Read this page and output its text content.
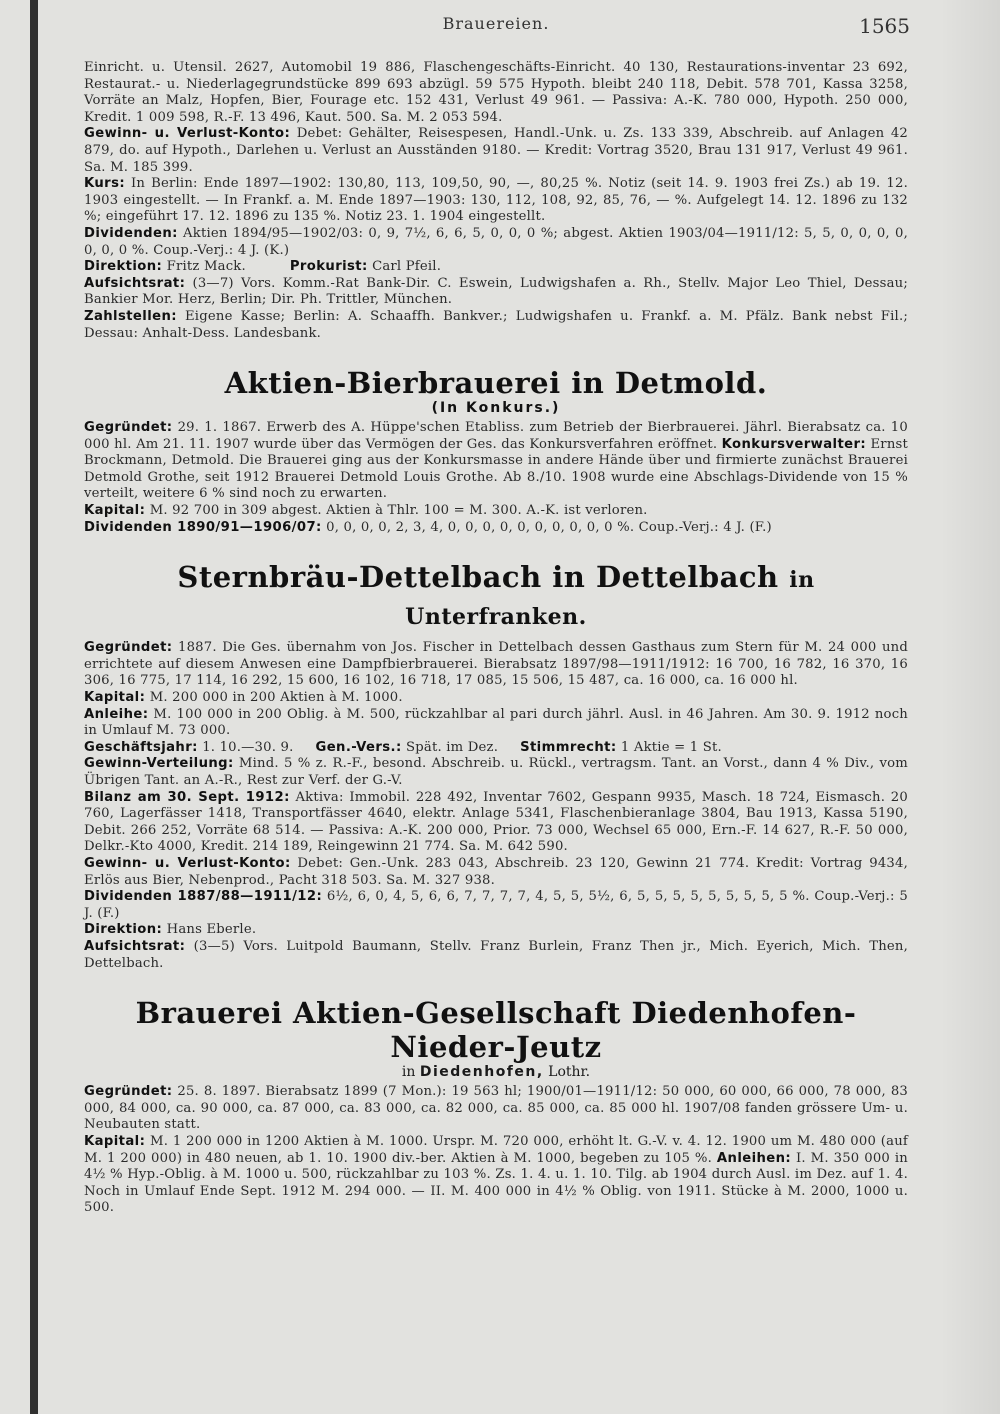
Brauereien.	1565

Einricht. u. Utensil. 2627, Automobil 19 886, Flaschengeschäfts-Einricht. 40 130, Restaurations-inventar 23 692, Restaurat.- u. Niederlagegrundstücke 899 693 abzügl. 59 575 Hypoth. bleibt 240 118, Debit. 578 701, Kassa 3258, Vorräte an Malz, Hopfen, Bier, Fourage etc. 152 431, Verlust 49 961. — Passiva: A.-K. 780 000, Hypoth. 250 000, Kredit. 1 009 598, R.-F. 13 496, Kaut. 500. Sa. M. 2 053 594.

Gewinn- u. Verlust-Konto: Debet: Gehälter, Reisespesen, Handl.-Unk. u. Zs. 133 339, Abschreib. auf Anlagen 42 879, do. auf Hypoth., Darlehen u. Verlust an Ausständen 9180. — Kredit: Vortrag 3520, Brau 131 917, Verlust 49 961. Sa. M. 185 399.

Kurs: In Berlin: Ende 1897—1902: 130,80, 113, 109,50, 90, —, 80,25 %. Notiz (seit 14. 9. 1903 frei Zs.) ab 19. 12. 1903 eingestellt. — In Frankf. a. M. Ende 1897—1903: 130, 112, 108, 92, 85, 76, — %. Aufgelegt 14. 12. 1896 zu 132 %; eingeführt 17. 12. 1896 zu 135 %. Notiz 23. 1. 1904 eingestellt.

Dividenden: Aktien 1894/95—1902/03: 0, 9, 7½, 6, 6, 5, 0, 0, 0 %; abgest. Aktien 1903/04—1911/12: 5, 5, 0, 0, 0, 0, 0, 0, 0 %. Coup.-Verj.: 4 J. (K.)

Direktion: Fritz Mack.	Prokurist: Carl Pfeil.

Aufsichtsrat: (3—7) Vors. Komm.-Rat Bank-Dir. C. Eswein, Ludwigshafen a. Rh., Stellv. Major Leo Thiel, Dessau; Bankier Mor. Herz, Berlin; Dir. Ph. Trittler, München.

Zahlstellen: Eigene Kasse; Berlin: A. Schaaffh. Bankver.; Ludwigshafen u. Frankf. a. M. Pfälz. Bank nebst Fil.; Dessau: Anhalt-Dess. Landesbank.

Aktien-Bierbrauerei in Detmold.
(In Konkurs.)

Gegründet: 29. 1. 1867. Erwerb des A. Hüppe'schen Etabliss. zum Betrieb der Bierbrauerei. Jährl. Bierabsatz ca. 10 000 hl. Am 21. 11. 1907 wurde über das Vermögen der Ges. das Konkursverfahren eröffnet. Konkursverwalter: Ernst Brockmann, Detmold. Die Brauerei ging aus der Konkursmasse in andere Hände über und firmierte zunächst Brauerei Detmold Grothe, seit 1912 Brauerei Detmold Louis Grothe. Ab 8./10. 1908 wurde eine Abschlags-Dividende von 15 % verteilt, weitere 6 % sind noch zu erwarten.

Kapital: M. 92 700 in 309 abgest. Aktien à Thlr. 100 = M. 300. A.-K. ist verloren.

Dividenden 1890/91—1906/07: 0, 0, 0, 0, 2, 3, 4, 0, 0, 0, 0, 0, 0, 0, 0, 0, 0 %. Coup.-Verj.: 4 J. (F.)

Sternbräu-Dettelbach in Dettelbach in Unterfranken.

Gegründet: 1887. Die Ges. übernahm von Jos. Fischer in Dettelbach dessen Gasthaus zum Stern für M. 24 000 und errichtete auf diesem Anwesen eine Dampfbierbrauerei. Bierabsatz 1897/98—1911/1912: 16 700, 16 782, 16 370, 16 306, 16 775, 17 114, 16 292, 15 600, 16 102, 16 718, 17 085, 15 506, 15 487, ca. 16 000, ca. 16 000 hl.

Kapital: M. 200 000 in 200 Aktien à M. 1000.

Anleihe: M. 100 000 in 200 Oblig. à M. 500, rückzahlbar al pari durch jährl. Ausl. in 46 Jahren. Am 30. 9. 1912 noch in Umlauf M. 73 000.

Geschäftsjahr: 1. 10.—30. 9. Gen.-Vers.: Spät. im Dez. Stimmrecht: 1 Aktie = 1 St.

Gewinn-Verteilung: Mind. 5 % z. R.-F., besond. Abschreib. u. Rückl., vertragsm. Tant. an Vorst., dann 4 % Div., vom Übrigen Tant. an A.-R., Rest zur Verf. der G.-V.

Bilanz am 30. Sept. 1912: Aktiva: Immobil. 228 492, Inventar 7602, Gespann 9935, Masch. 18 724, Eismasch. 20 760, Lagerfässer 1418, Transportfässer 4640, elektr. Anlage 5341, Flaschenbieranlage 3804, Bau 1913, Kassa 5190, Debit. 266 252, Vorräte 68 514. — Passiva: A.-K. 200 000, Prior. 73 000, Wechsel 65 000, Ern.-F. 14 627, R.-F. 50 000, Delkr.-Kto 4000, Kredit. 214 189, Reingewinn 21 774. Sa. M. 642 590.

Gewinn- u. Verlust-Konto: Debet: Gen.-Unk. 283 043, Abschreib. 23 120, Gewinn 21 774. Kredit: Vortrag 9434, Erlös aus Bier, Nebenprod., Pacht 318 503. Sa. M. 327 938.

Dividenden 1887/88—1911/12: 6½, 6, 0, 4, 5, 6, 6, 7, 7, 7, 7, 4, 5, 5, 5½, 6, 5, 5, 5, 5, 5, 5, 5, 5, 5 %. Coup.-Verj.: 5 J. (F.)

Direktion: Hans Eberle.

Aufsichtsrat: (3—5) Vors. Luitpold Baumann, Stellv. Franz Burlein, Franz Then jr., Mich. Eyerich, Mich. Then, Dettelbach.

Brauerei Aktien-Gesellschaft Diedenhofen-Nieder-Jeutz
in Diedenhofen, Lothr.

Gegründet: 25. 8. 1897. Bierabsatz 1899 (7 Mon.): 19 563 hl; 1900/01—1911/12: 50 000, 60 000, 66 000, 78 000, 83 000, 84 000, ca. 90 000, ca. 87 000, ca. 83 000, ca. 82 000, ca. 85 000, ca. 85 000 hl. 1907/08 fanden grössere Um- u. Neubauten statt.

Kapital: M. 1 200 000 in 1200 Aktien à M. 1000. Urspr. M. 720 000, erhöht lt. G.-V. v. 4. 12. 1900 um M. 480 000 (auf M. 1 200 000) in 480 neuen, ab 1. 10. 1900 div.-ber. Aktien à M. 1000, begeben zu 105 %. Anleihen: I. M. 350 000 in 4½ % Hyp.-Oblig. à M. 1000 u. 500, rückzahlbar zu 103 %. Zs. 1. 4. u. 1. 10. Tilg. ab 1904 durch Ausl. im Dez. auf 1. 4. Noch in Umlauf Ende Sept. 1912 M. 294 000. — II. M. 400 000 in 4½ % Oblig. von 1911. Stücke à M. 2000, 1000 u. 500.
